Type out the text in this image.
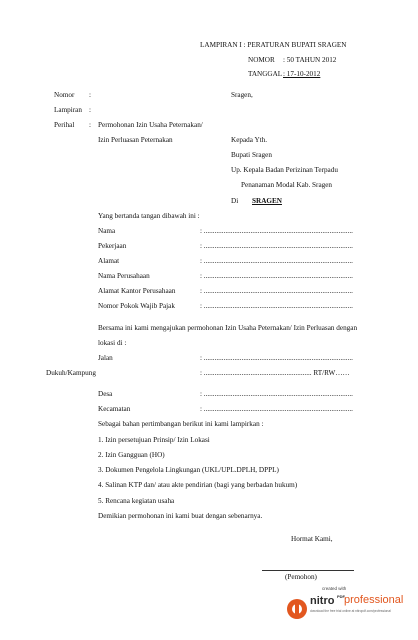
LAMPIRAN I : PERATURAN BUPATI SRAGEN
NOMOR : 50 TAHUN 2012
TANGGAL : 17-10-2012
Nomor :	Sragen,
Lampiran :
Perihal : Permohonan Izin Usaha Peternakan/
Izin Perluasan Peternakan	Kepada Yth.
Bupati Sragen
Up. Kepala Badan Perizinan Terpadu
Penanaman Modal Kab. Sragen
Di SRAGEN
Yang bertanda tangan dibawah ini :
Nama	: ...................................................................................
Pekerjaan	: ...................................................................................
Alamat	: ...................................................................................
Nama Perusahaan	: ...................................................................................
Alamat Kantor Perusahaan	: ...................................................................................
Nomor Pokok Wajib Pajak	: ...................................................................................
Bersama ini kami mengajukan permohonan Izin Usaha Peternakan/ Izin Perluasan dengan
lokasi di :
Jalan	: ...................................................................................
Dukuh/Kampung	: ............................................................ RT/RW……
Desa	: ...................................................................................
Kecamatan	: ...................................................................................
Sebagai bahan pertimbangan berikut ini kami lampirkan :
1. Izin persetujuan Prinsip/ Izin Lokasi
2. Izin Gangguan (HO)
3. Dokumen Pengelola Lingkungan (UKL/UPL.DPLH, DPPL)
4. Salinan KTP dan/ atau akte pendirian (bagi yang berbadan hukum)
5. Rencana kegiatan usaha
Demikian permohonan ini kami buat dengan sebenarnya.
Hormat Kami,
(Pemohon)
created with
nitro PDF professional
download the free trial online at nitropdf.com/professional
